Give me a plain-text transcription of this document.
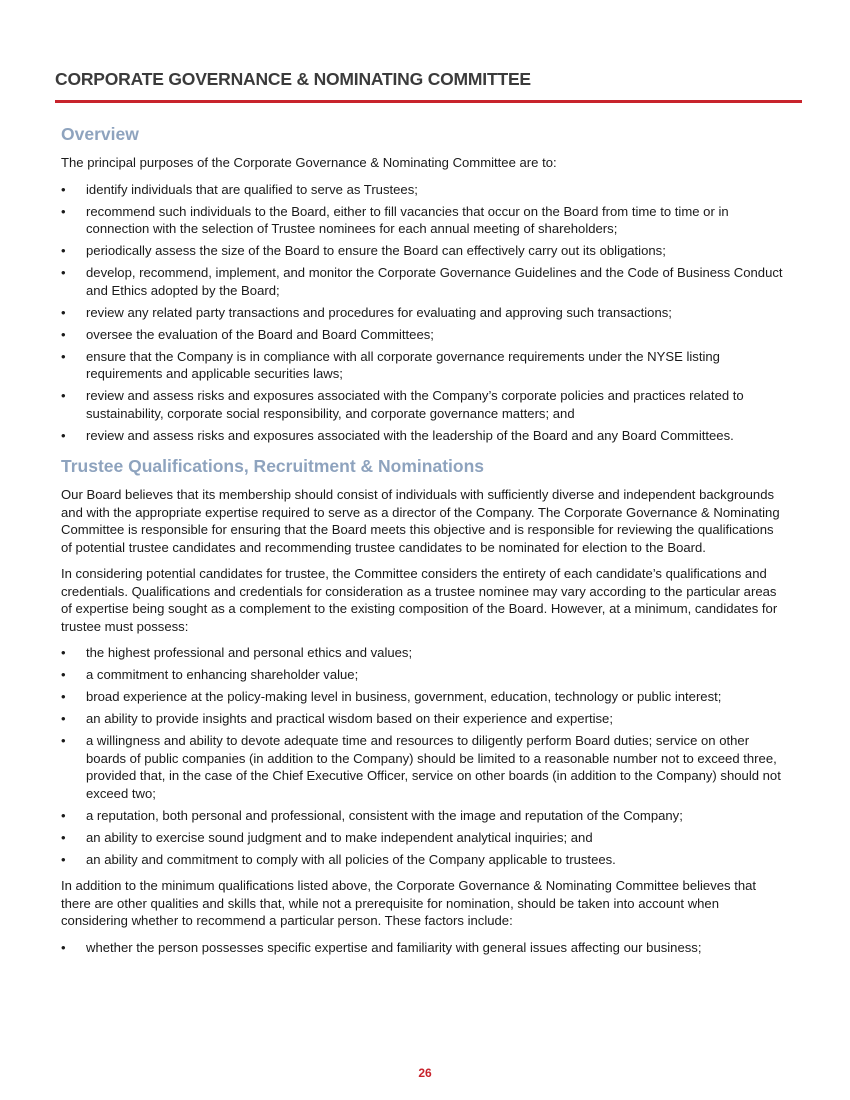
CORPORATE GOVERNANCE & NOMINATING COMMITTEE
Overview

The principal purposes of the Corporate Governance & Nominating Committee are to:

• identify individuals that are qualified to serve as Trustees;
• recommend such individuals to the Board, either to fill vacancies that occur on the Board from time to time or in connection with the selection of Trustee nominees for each annual meeting of shareholders;
• periodically assess the size of the Board to ensure the Board can effectively carry out its obligations;
• develop, recommend, implement, and monitor the Corporate Governance Guidelines and the Code of Business Conduct and Ethics adopted by the Board;
• review any related party transactions and procedures for evaluating and approving such transactions;
• oversee the evaluation of the Board and Board Committees;
• ensure that the Company is in compliance with all corporate governance requirements under the NYSE listing requirements and applicable securities laws;
• review and assess risks and exposures associated with the Company’s corporate policies and practices related to sustainability, corporate social responsibility, and corporate governance matters; and
• review and assess risks and exposures associated with the leadership of the Board and any Board Committees.
Trustee Qualifications, Recruitment & Nominations

Our Board believes that its membership should consist of individuals with sufficiently diverse and independent backgrounds and with the appropriate expertise required to serve as a director of the Company. The Corporate Governance & Nominating Committee is responsible for ensuring that the Board meets this objective and is responsible for reviewing the qualifications of potential trustee candidates and recommending trustee candidates to be nominated for election to the Board.

In considering potential candidates for trustee, the Committee considers the entirety of each candidate’s qualifications and credentials. Qualifications and credentials for consideration as a trustee nominee may vary according to the particular areas of expertise being sought as a complement to the existing composition of the Board. However, at a minimum, candidates for trustee must possess:

• the highest professional and personal ethics and values;
• a commitment to enhancing shareholder value;
• broad experience at the policy-making level in business, government, education, technology or public interest;
• an ability to provide insights and practical wisdom based on their experience and expertise;
• a willingness and ability to devote adequate time and resources to diligently perform Board duties; service on other boards of public companies (in addition to the Company) should be limited to a reasonable number not to exceed three, provided that, in the case of the Chief Executive Officer, service on other boards (in addition to the Company) should not exceed two;
• a reputation, both personal and professional, consistent with the image and reputation of the Company;
• an ability to exercise sound judgment and to make independent analytical inquiries; and
• an ability and commitment to comply with all policies of the Company applicable to trustees.

In addition to the minimum qualifications listed above, the Corporate Governance & Nominating Committee believes that there are other qualities and skills that, while not a prerequisite for nomination, should be taken into account when considering whether to recommend a particular person. These factors include:

• whether the person possesses specific expertise and familiarity with general issues affecting our business;
26
